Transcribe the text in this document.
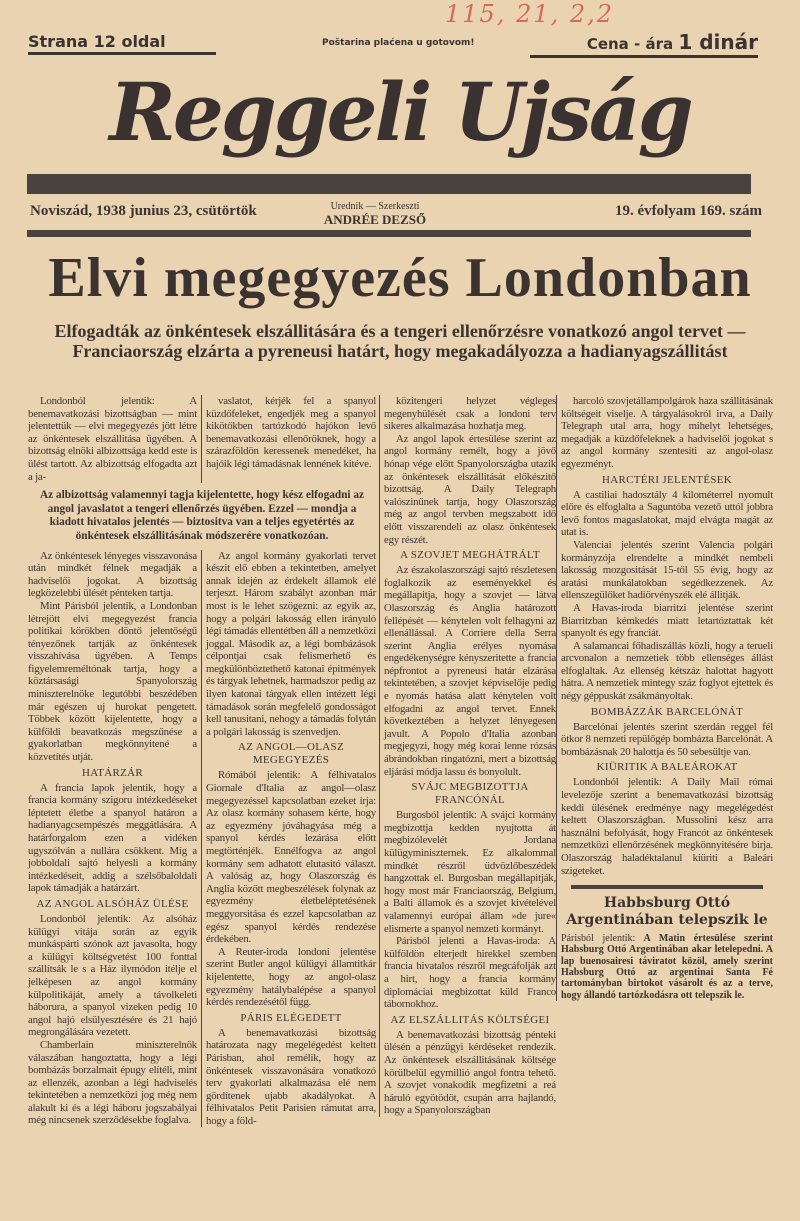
115, 21, 2,2
Strana 12 oldal	Poštarina plaćena u gotovom!	Cena - ára 1 dinár
Reggeli Ujság
Noviszád, 1938 junius 23, csütörtök	Urednik — Szerkeszti
ANDRÉE DEZSŐ
19. évfolyam 169. szám
Elvi megegyezés Londonban
Elfogadták az önkéntesek elszállitására és a tengeri ellenőrzésre vonatkozó angol tervet — Franciaország elzárta a pyreneusi határt, hogy megakadályozza a hadianyagszállitást

Londonból jelentik: A benemavatkozási bizottságban — mint jelentettük — elvi megegyezés jött létre az önkéntesek elszállitása ügyében. A bizottság elnöki albizottsága kedd este is ülést tartott. Az albizottság elfogadta azt a ja-

vaslatot, kérjék fel a spanyol küzdőfeleket, engedjék meg a spanyol kikötőkben tartózkodó hajókon levő benemavatkozási ellenőröknek, hogy a szárazföldön keressenek menedéket, ha hajóik légi támadásnak lennének kitéve.

Az albizottság valamennyi tagja kijelentette, hogy kész elfogadni az angol javaslatot a tengeri ellenőrzés ügyében. Ezzel — mondja a kiadott hivatalos jelentés — biztositva van a teljes egyetértés az önkéntesek elszállitásának módszerére vonatkozóan.

Az önkéntesek lényeges visszavonása után mindkét félnek megadják a hadviselői jogokat. A bizottság legközelebbi ülését pénteken tartja.

Mint Párisból jelentik, a Londonban létrejött elvi megegyezést francia politikai körökben döntő jelentőségű tényezőnek tartják az önkéntesek visszahívása ügyében. A Temps figyelemreméltónak tartja, hogy a köztársasági Spanyolország miniszterelnöke legutóbbi beszédében már egészen uj hurokat pengetett. Többek között kijelentette, hogy a külföldi beavatkozás megszűnése a gyakorlatban megkönnyitené a közvetítés utját.

HATÁRZÁR

A francia lapok jelentik, hogy a francia kormány szigoru intézkedéseket léptetett életbe a spanyol határon a hadianyagcsempészés meggátlására. A határforgalom ezen a vidéken ugyszólván a nullára csökkent. Míg a jobboldali sajtó helyesli a kormány intézkedéseit, addig a szélsőbaloldali lapok támadják a határzárt.

AZ ANGOL ALSÓHÁZ ÜLÉSE

Londonból jelentik: Az alsóház külügyi vitája során az egyik munkáspárti szónok azt javasolta, hogy a külügyi költségvetést 100 fonttal szállítsák le s a Ház ilymódon itélje el jelképesen az angol kormány külpolitikáját, amely a távolkeleti háborura, a spanyol vizeken pedig 10 angol hajó elsülyesztésére és 21 hajó megrongálására vezetett.

Chamberlain miniszterelnök válaszában hangoztatta, hogy a légi bombázás borzalmait épugy elítéli, mint az ellenzék, azonban a légi hadviselés tekintetében a nemzetközi jog még nem alakult ki és a légi háboru jogszabályai még nincsenek szerződésekbe foglalva.

Az angol kormány gyakorlati tervet készit elő ebben a tekintetben, amelyet annak idején az érdekelt államok elé terjeszt. Három szabályt azonban már most is le lehet szögezni: az egyik az, hogy a polgári lakosság ellen irányuló légi támadás ellentétben áll a nemzetközi joggal. Második az, a légi bombázások célpontjai csak felismerhető és megkülönböztethető katonai épitmények és tárgyak lehetnek, harmadszor pedig az ilyen katonai tárgyak ellen intézett légi támadások során megfelelő gondosságot kell tanusitani, nehogy a támadás folytán a polgári lakosság is szenvedjen.

AZ ANGOL—OLASZ MEGEGYEZÉS

Rómából jelentik: A félhivatalos Giornale d'Italia az angol—olasz megegyezéssel kapcsolatban ezeket irja: Az olasz kormány sohasem kérte, hogy az egyezmény jóváhagyása még a spanyol kérdés lezárása előtt megtörténjék. Ennélfogva az angol kormány sem adhatott elutasitó választ. A valóság az, hogy Olaszország és Anglia között megbeszélések folynak az egyezmény életbeléptetésének meggyorsitása és ezzel kapcsolatban az egész spanyol kérdés rendezése érdekében.

A Reuter-iroda londoni jelentése szerint Butler angol külügyi államtitkár kijelentette, hogy az angol-olasz egyezmény hatálybalépése a spanyol kérdés rendezésétől függ.

PÁRIS ELÉGEDETT

A benemavatkozási bizottság határozata nagy megelégedést keltett Párisban, ahol remélik, hogy az önkéntesek visszavonására vonatkozó terv gyakorlati alkalmazása elé nem gördítenek ujabb akadályokat. A félhivatalos Petit Parisien rámutat arra, hogy a föld-

közitengeri helyzet végleges megenyhülését csak a londoni terv sikeres alkalmazása hozhatja meg.

Az angol lapok értesülése szerint az angol kormány remélt, hogy a jövő hónap vége előtt Spanyolországba utazik az önkéntesek elszállitását előkészitő bizottság. A Daily Telegraph valószinűnek tartja, hogy Olaszország még az angol tervben megszabott idő előtt visszarendeli az olasz önkéntesek egy részét.

A SZOVJET MEGHÁTRÁLT

Az északolaszországi sajtó részletesen foglalkozik az eseményekkel és megállapitja, hogy a szovjet — látva Olaszország és Anglia határozott fellépését — kénytelen volt felhagyni az ellenállással. A Corriere della Serra szerint Anglia erélyes nyomása engedékenységre kényszeritette a francia népfrontot a pyreneusi határ elzárása tekintetében, a szovjet képviselője pedig e nyomás hatása alatt kénytelen volt elfogadni az angol tervet. Ennek következtében a helyzet lényegesen javult. A Popolo d'Italia azonban megjegyzi, hogy még korai lenne rózsás ábrándokban ringatózni, mert a bizottság eljárási módja lassu és bonyolult.

SVÁJC MEGBIZOTTJA FRANCÓNÁL

Burgosból jelentik: A svájci kormány megbizottja kedden nyujtotta át megbizólevelét Jordana külügyminiszternek. Ez alkalommal mindkét részről üdvözlőbeszédek hangzottak el. Burgosban megállapitják, hogy most már Franciaország, Belgium, a Balti államok és a szovjet kivételével valamennyi európai állam »de jure« elismerte a spanyol nemzeti kormányt.

Párisból jelenti a Havas-iroda: A külföldön elterjedt hirekkel szemben francia hivatalos részről megcáfolják azt a hirt, hogy a francia kormány diplomáciai megbizottat küld Franco tábornokhoz.

AZ ELSZÁLLITÁS KÖLTSÉGEI

A benemavatkozási bizottság pénteki ülésén a pénzügyi kérdéseket rendezik. Az önkéntesek elszállitásának költsége körülbelül egymillió angol fontra tehető. A szovjet vonakodik megfizetni a reá háruló egyötödöt, csupán arra hajlandó, hogy a Spanyolországban

harcoló szovjetállampolgárok haza szállitásának költségeit viselje. A tárgyalásokról irva, a Daily Telegraph utal arra, hogy mihelyt lehetséges, megadják a küzdőfeleknek a hadviselői jogokat s az angol kormány szentesiti az angol-olasz egyezményt.

HARCTÉRI JELENTÉSEK

A castiliai hadosztály 4 kilométerrel nyomult előre és elfoglalta a Saguntóba vezető uttól jobbra levő fontos magaslatokat, majd elvágta magát az utat is.

Valenciai jelentés szerint Valencia polgári kormányzója elrendelte a mindkét nembeli lakosság mozgositását 15-től 55 évig, hogy az aratási munkálatokban segédkezzenek. Az ellenszegülőket hadiörvényszék elé állitják.

A Havas-iroda biarritzi jelentése szerint Biarritzban kémkedés miatt letartóztattak két spanyolt és egy franciát.

A salamancai főhadiszállás közli, hogy a terueli arcvonalon a nemzetiek több ellenséges állást elfoglaltak. Az ellenség kétszáz halottat hagyott hátra. A nemzetiek mintegy száz foglyot ejtettek és négy géppuskát zsákmányoltak.

BOMBÁZZÁK BARCELÓNÁT

Barcelónai jelentés szerint szerdán reggel fél ötkor 8 nemzeti repülőgép bombázta Barcelónát. A bombázásnak 20 halottja és 50 sebesültje van.

KIÜRITIK A BALEÁROKAT

Londonból jelentik: A Daily Mail római levelezője szerint a benemavatkozási bizottság keddi ülésének eredménye nagy megelégedést keltett Olaszországban. Mussolini kész arra használni befolyását, hogy Francót az önkéntesek nemzetközi ellenőrzésének megkönnyitésére birja. Olaszország haladéktalanul kiüriti a Baleári szigeteket.

Habbsburg Ottó Argentinában telepszik le
Párisból jelentik: A Matin értesülése szerint Habsburg Ottó Argentinában akar letelepedni. A lap buenosairesi táviratot közöl, amely szerint Habsburg Ottó az argentinai Santa Fé tartományban birtokot vásárolt és az a terve, hogy állandó tartózkodásra ott telepszik le.
